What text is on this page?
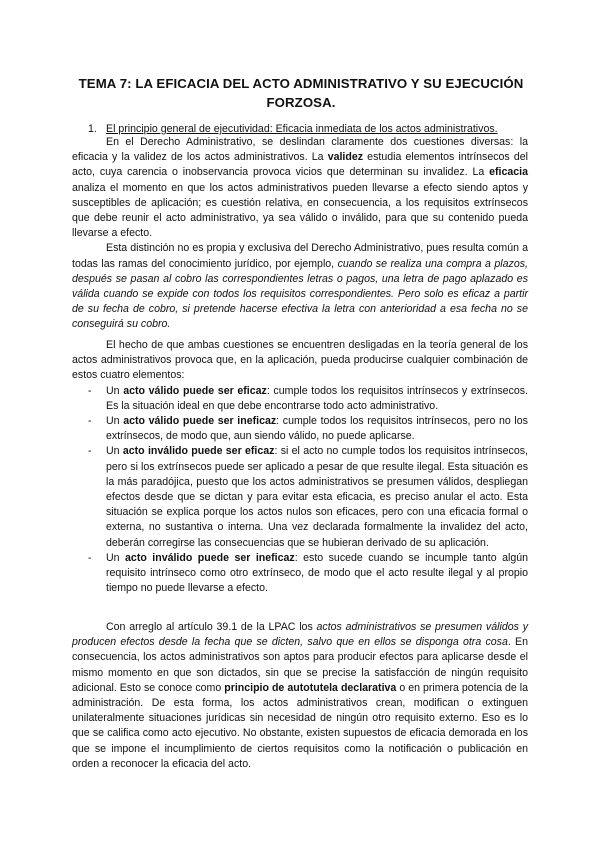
TEMA 7: LA EFICACIA DEL ACTO ADMINISTRATIVO Y SU EJECUCIÓN
FORZOSA.
1. El principio general de ejecutividad: Eficacia inmediata de los actos administrativos.

En el Derecho Administrativo, se deslindan claramente dos cuestiones diversas: la eficacia y la validez de los actos administrativos. La validez estudia elementos intrínsecos del acto, cuya carencia o inobservancia provoca vicios que determinan su invalidez. La eficacia analiza el momento en que los actos administrativos pueden llevarse a efecto siendo aptos y susceptibles de aplicación; es cuestión relativa, en consecuencia, a los requisitos extrínsecos que debe reunir el acto administrativo, ya sea válido o inválido, para que su contenido pueda llevarse a efecto.

Esta distinción no es propia y exclusiva del Derecho Administrativo, pues resulta común a todas las ramas del conocimiento jurídico, por ejemplo, cuando se realiza una compra a plazos, después se pasan al cobro las correspondientes letras o pagos, una letra de pago aplazado es válida cuando se expide con todos los requisitos correspondientes. Pero solo es eficaz a partir de su fecha de cobro, si pretende hacerse efectiva la letra con anterioridad a esa fecha no se conseguirá su cobro.

El hecho de que ambas cuestiones se encuentren desligadas en la teoría general de los actos administrativos provoca que, en la aplicación, pueda producirse cualquier combinación de estos cuatro elementos:

- Un acto válido puede ser eficaz: cumple todos los requisitos intrínsecos y extrínsecos. Es la situación ideal en que debe encontrarse todo acto administrativo.
- Un acto válido puede ser ineficaz: cumple todos los requisitos intrínsecos, pero no los extrínsecos, de modo que, aun siendo válido, no puede aplicarse.
- Un acto inválido puede ser eficaz: si el acto no cumple todos los requisitos intrínsecos, pero si los extrínsecos puede ser aplicado a pesar de que resulte ilegal. Esta situación es la más paradójica, puesto que los actos administrativos se presumen válidos, despliegan efectos desde que se dictan y para evitar esta eficacia, es preciso anular el acto. Esta situación se explica porque los actos nulos son eficaces, pero con una eficacia formal o externa, no sustantiva o interna. Una vez declarada formalmente la invalidez del acto, deberán corregirse las consecuencias que se hubieran derivado de su aplicación.
- Un acto inválido puede ser ineficaz: esto sucede cuando se incumple tanto algún requisito intrínseco como otro extrínseco, de modo que el acto resulte ilegal y al propio tiempo no puede llevarse a efecto.

Con arreglo al artículo 39.1 de la LPAC los actos administrativos se presumen válidos y producen efectos desde la fecha que se dicten, salvo que en ellos se disponga otra cosa. En consecuencia, los actos administrativos son aptos para producir efectos para aplicarse desde el mismo momento en que son dictados, sin que se precise la satisfacción de ningún requisito adicional. Esto se conoce como principio de autotutela declarativa o en primera potencia de la administración. De esta forma, los actos administrativos crean, modifican o extinguen unilateralmente situaciones jurídicas sin necesidad de ningún otro requisito externo. Eso es lo que se califica como acto ejecutivo. No obstante, existen supuestos de eficacia demorada en los que se impone el incumplimiento de ciertos requisitos como la notificación o publicación en orden a reconocer la eficacia del acto.
